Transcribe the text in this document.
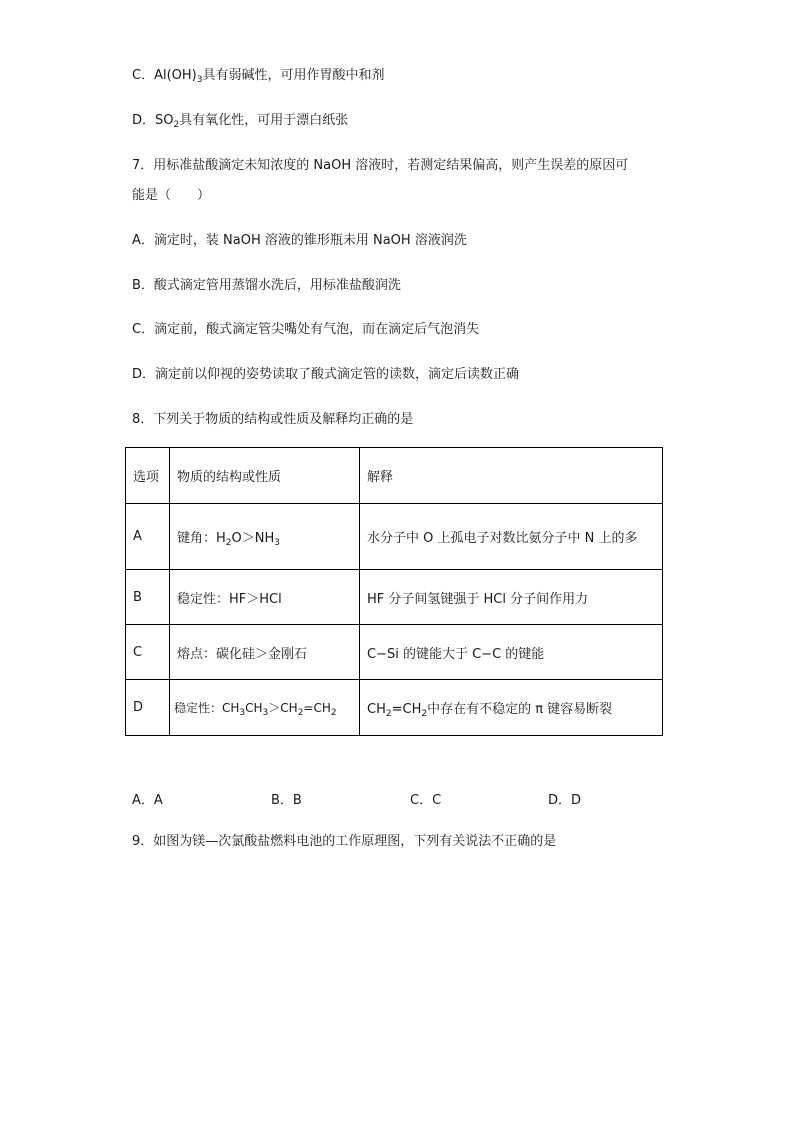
C．$Al(OH)_3$具有弱碱性，可用作胃酸中和剂
D．$SO_2$具有氧化性，可用于漂白纸张
7．用标准盐酸滴定未知浓度的 NaOH 溶液时，若测定结果偏高，则产生误差的原因可
能是（　　）
A．滴定时，装 NaOH 溶液的锥形瓶未用 NaOH 溶液润洗
B．酸式滴定管用蒸馏水洗后，用标准盐酸润洗
C．滴定前，酸式滴定管尖嘴处有气泡，而在滴定后气泡消失
D．滴定前以仰视的姿势读取了酸式滴定管的读数，滴定后读数正确
8．下列关于物质的结构或性质及解释均正确的是
选项	物质的结构或性质	解释
A	键角：$H_2O>NH_3$	水分子中 O 上孤电子对数比氨分子中 N 上的多
B	稳定性：HF＞HCl	HF 分子间氢键强于 HCl 分子间作用力
C	熔点：碳化硅＞金刚石	C−Si 的键能大于 C−C 的键能
D	稳定性：$CH_3CH_3>CH_2=CH_2$	$CH_2=CH_2$中存在有不稳定的 π 键容易断裂
A．A	B．B	C．C	D．D
9．如图为镁—次氯酸盐燃料电池的工作原理图，下列有关说法不正确的是
